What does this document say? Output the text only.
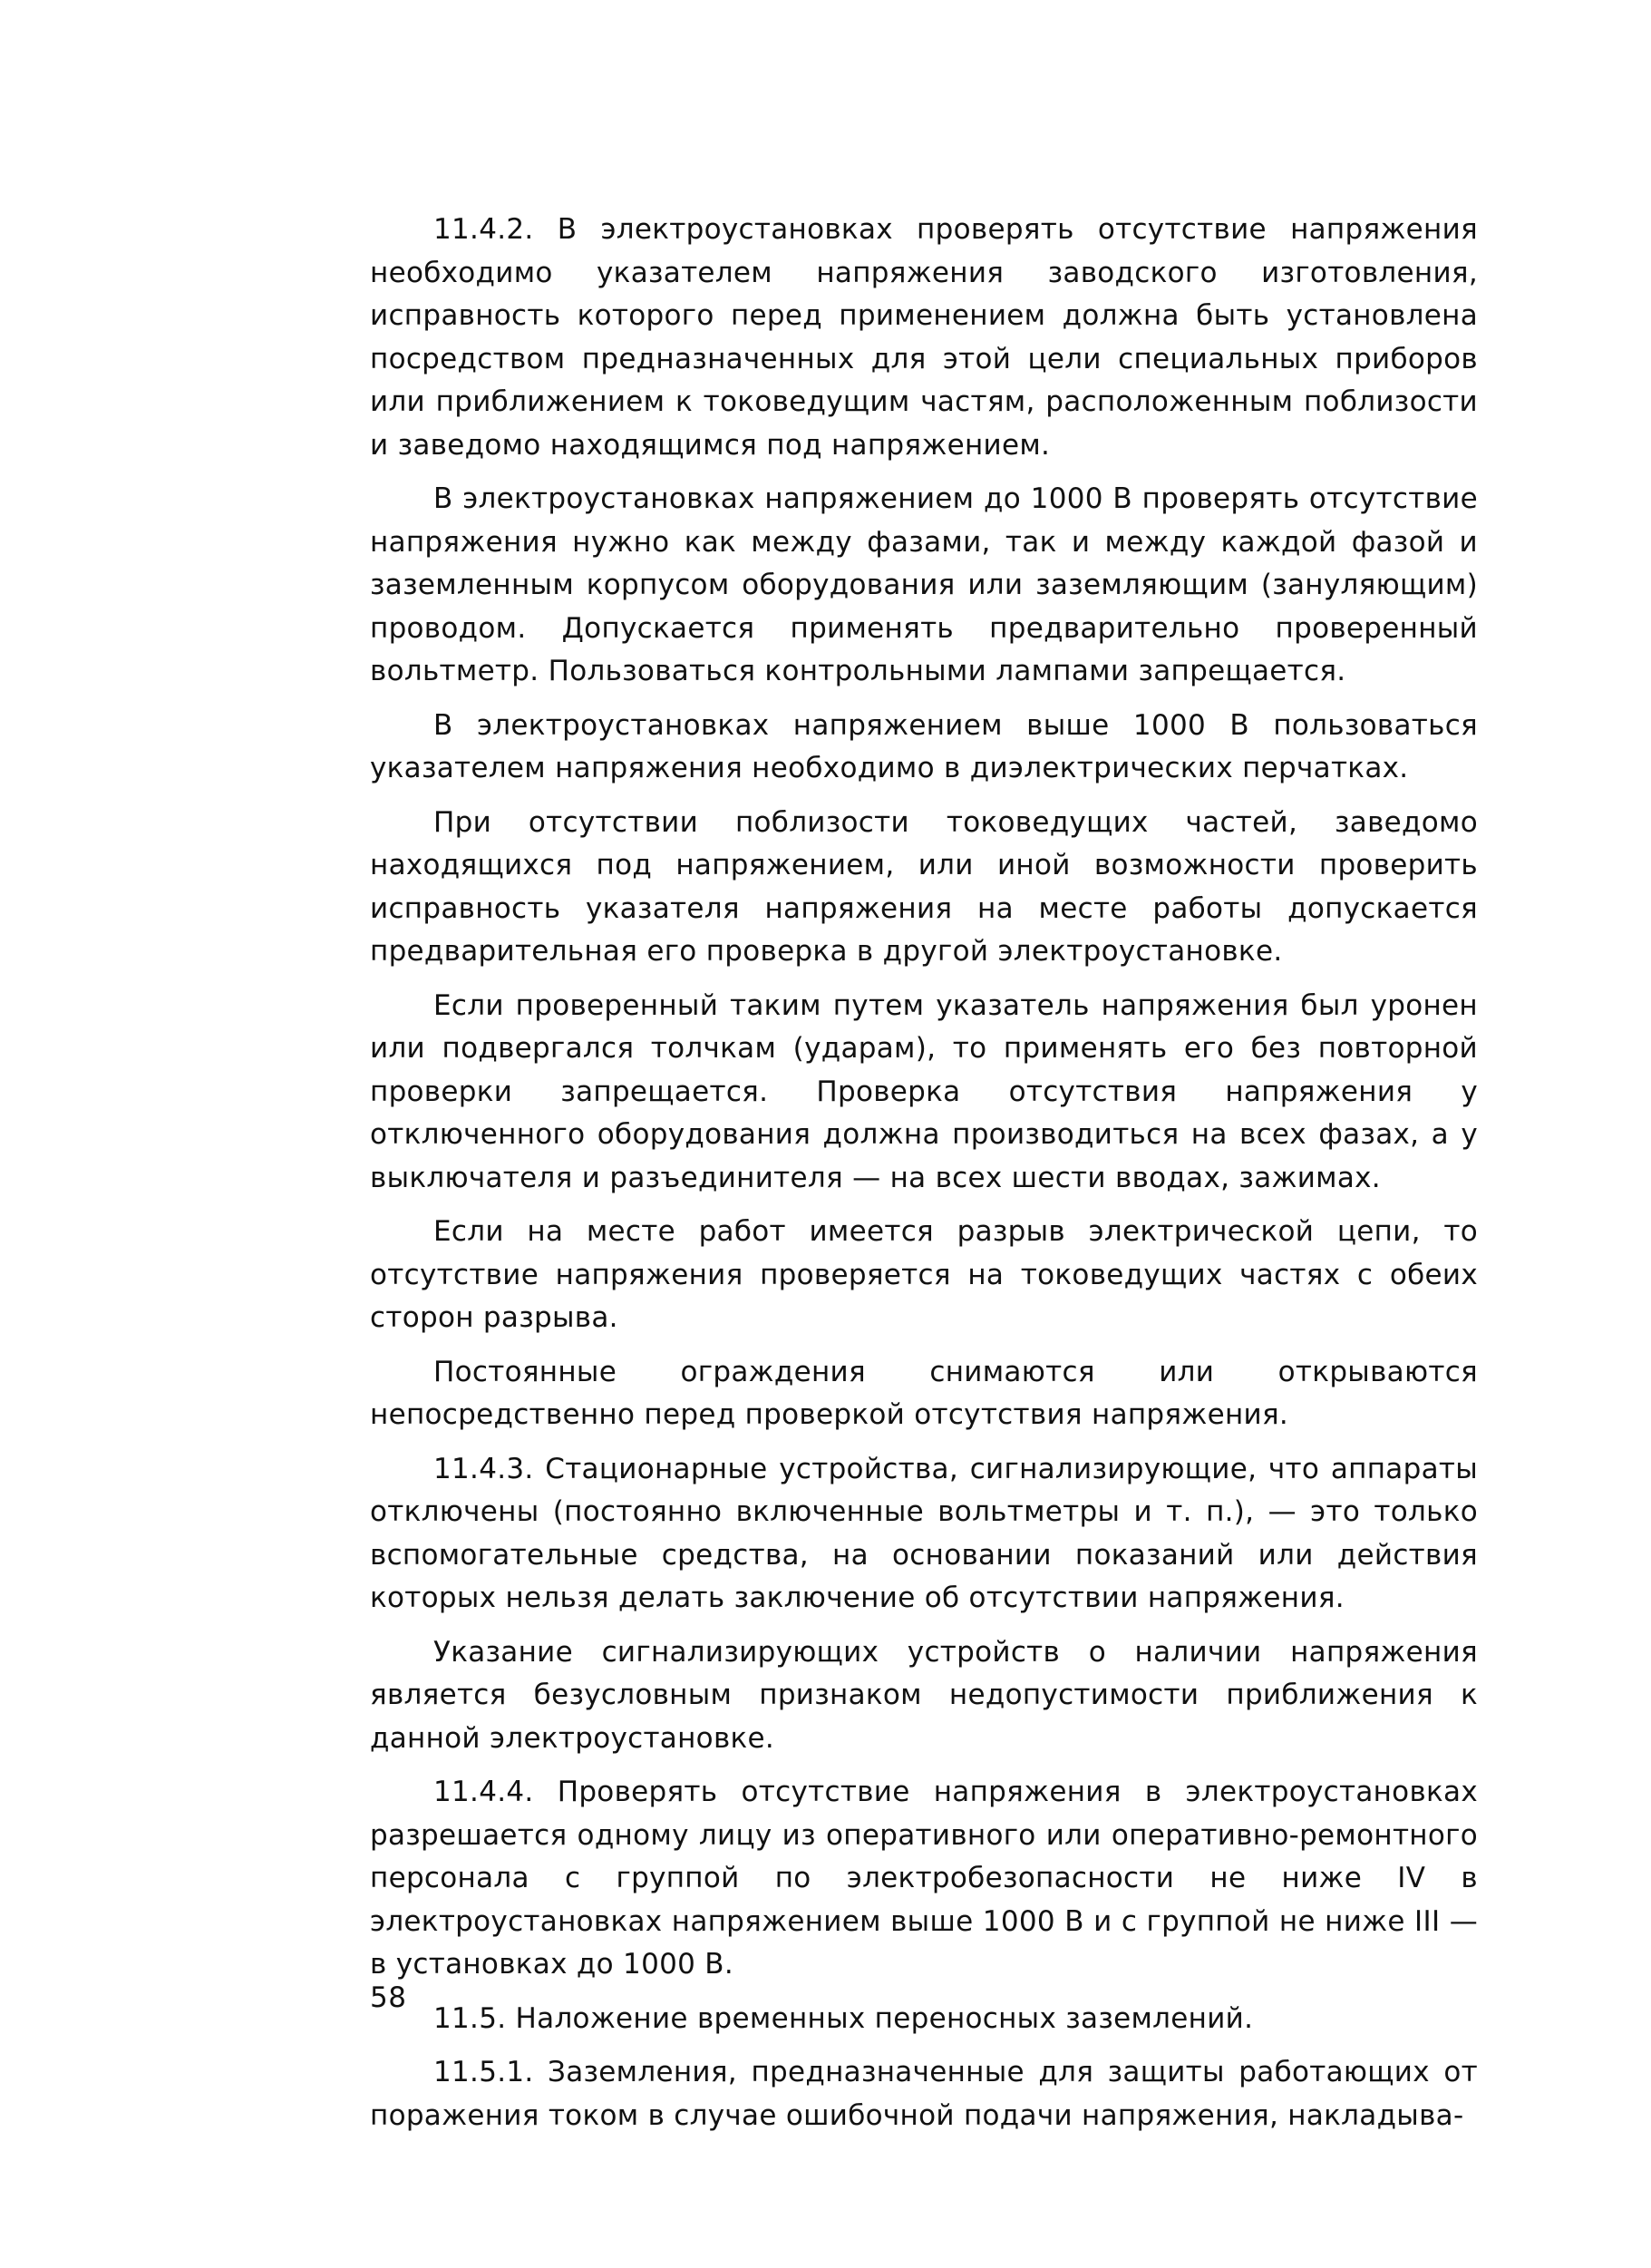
11.4.2. В электроустановках проверять отсутствие напряжения необходимо указателем напряжения заводского изготовления, исправность которого перед применением должна быть установлена посредством предназначенных для этой цели специальных приборов или приближением к токоведущим частям, расположенным поблизости и заведомо находящимся под напряжением.

В электроустановках напряжением до 1000 В проверять отсутствие напряжения нужно как между фазами, так и между каждой фазой и заземленным корпусом оборудования или заземляющим (зануляющим) проводом. Допускается применять предварительно проверенный вольтметр. Пользоваться контрольными лампами запрещается.

В электроустановках напряжением выше 1000 В пользоваться указателем напряжения необходимо в диэлектрических перчатках.

При отсутствии поблизости токоведущих частей, заведомо находящихся под напряжением, или иной возможности проверить исправность указателя напряжения на месте работы допускается предварительная его проверка в другой электроустановке.

Если проверенный таким путем указатель напряжения был уронен или подвергался толчкам (ударам), то применять его без повторной проверки запрещается. Проверка отсутствия напряжения у отключенного оборудования должна производиться на всех фазах, а у выключателя и разъединителя — на всех шести вводах, зажимах.

Если на месте работ имеется разрыв электрической цепи, то отсутствие напряжения проверяется на токоведущих частях с обеих сторон разрыва.

Постоянные ограждения снимаются или открываются непосредственно перед проверкой отсутствия напряжения.

11.4.3. Стационарные устройства, сигнализирующие, что аппараты отключены (постоянно включенные вольтметры и т. п.), — это только вспомогательные средства, на основании показаний или действия которых нельзя делать заключение об отсутствии напряжения.

Указание сигнализирующих устройств о наличии напряжения является безусловным признаком недопустимости приближения к данной электроустановке.

11.4.4. Проверять отсутствие напряжения в электроустановках разрешается одному лицу из оперативного или оперативно-ремонтного персонала с группой по электробезопасности не ниже IV в электроустановках напряжением выше 1000 В и с группой не ниже III — в установках до 1000 В.

11.5. Наложение временных переносных заземлений.

11.5.1. Заземления, предназначенные для защиты работающих от поражения током в случае ошибочной подачи напряжения, накладыва-

58
